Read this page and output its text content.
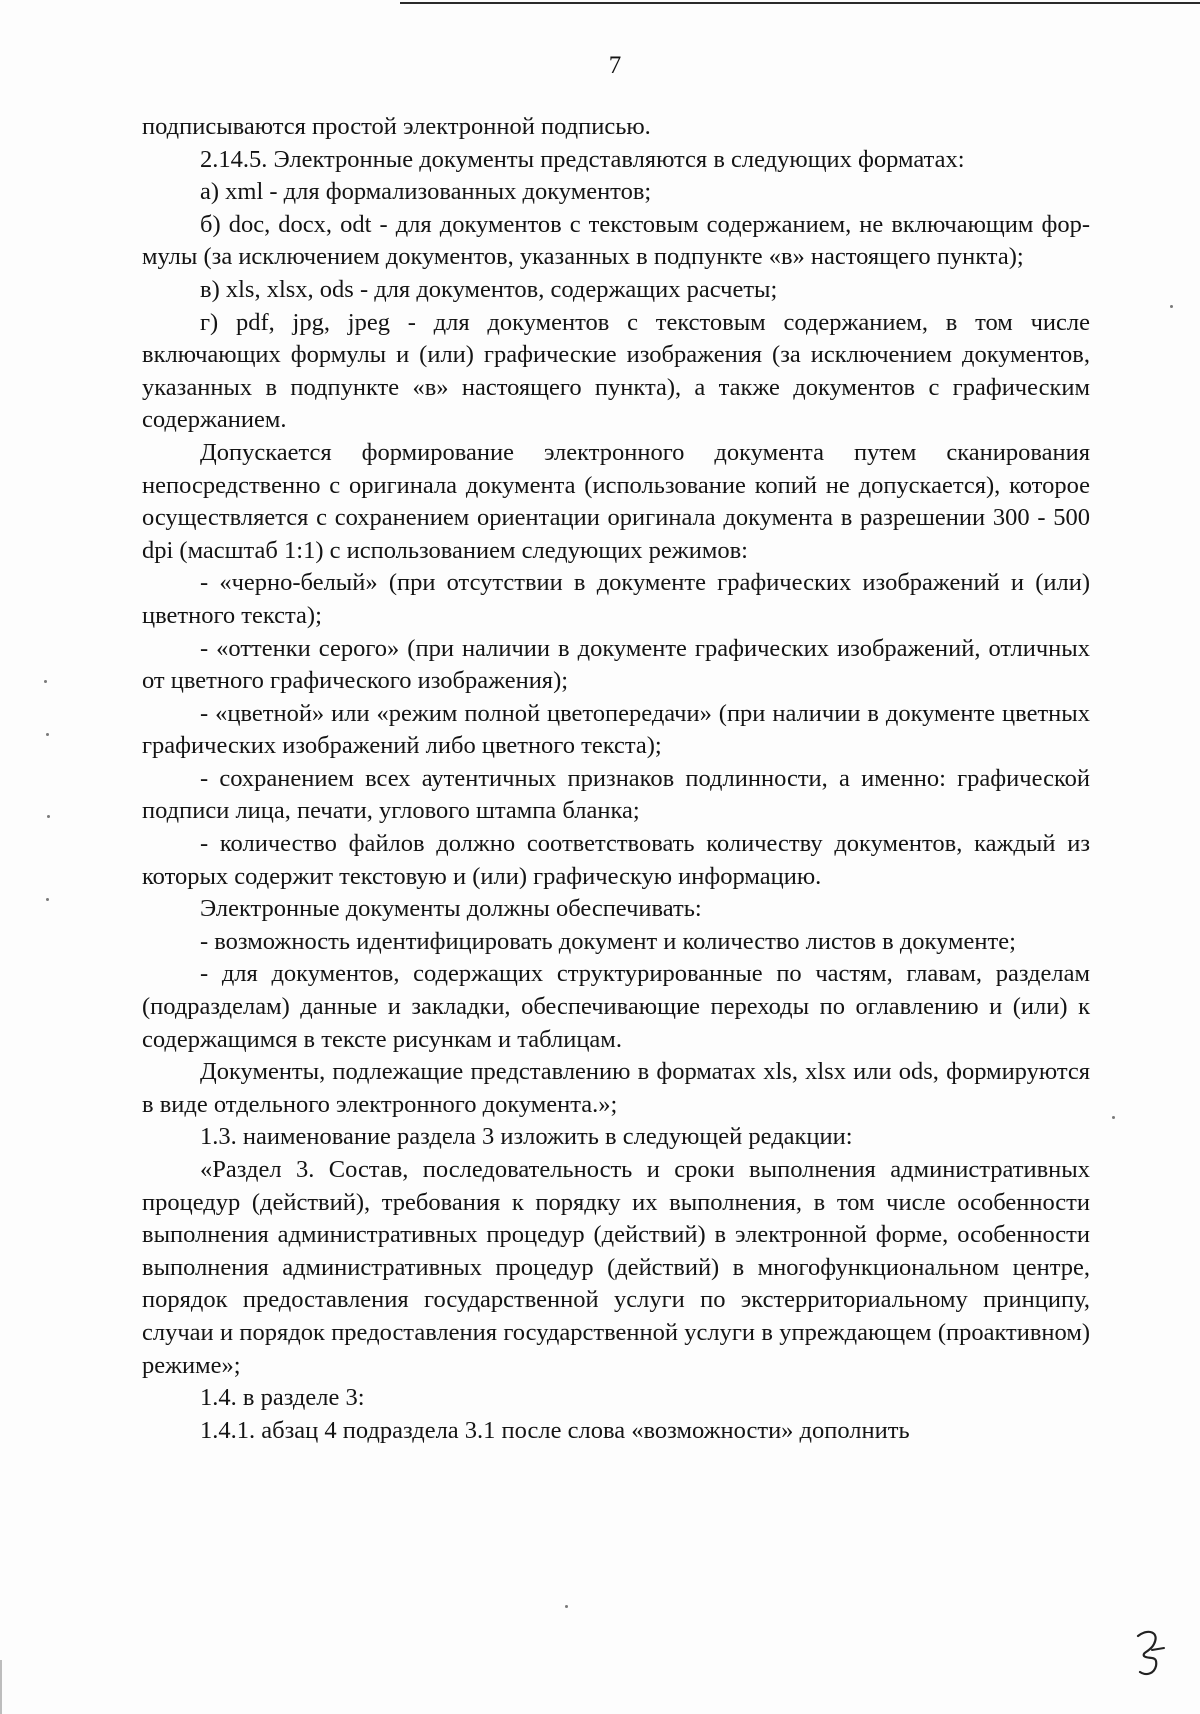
7

подписываются простой электронной подписью.

2.14.5. Электронные документы представляются в следующих форматах:

а) xml - для формализованных документов;

б) doc, docx, odt - для документов с текстовым содержанием, не включающим фор-мулы (за исключением документов, указанных в подпункте «в» настоящего пункта);

в) xls, xlsx, ods - для документов, содержащих расчеты;

г) pdf, jpg, jpeg - для документов с текстовым содержанием, в том числе включающих формулы и (или) графические изображения (за исключением документов, указанных в подпункте «в» настоящего пункта), а также документов с графическим содержанием.

Допускается формирование электронного документа путем сканирования непосредственно с оригинала документа (использование копий не допускается), которое осуществляется с сохранением ориентации оригинала документа в разрешении 300 - 500 dpi (масштаб 1:1) с использованием следующих режимов:

- «черно-белый» (при отсутствии в документе графических изображений и (или) цветного текста);

- «оттенки серого» (при наличии в документе графических изображений, отличных от цветного графического изображения);

- «цветной» или «режим полной цветопередачи» (при наличии в документе цветных графических изображений либо цветного текста);

- сохранением всех аутентичных признаков подлинности, а именно: графической подписи лица, печати, углового штампа бланка;

- количество файлов должно соответствовать количеству документов, каждый из которых содержит текстовую и (или) графическую информацию.

Электронные документы должны обеспечивать:

- возможность идентифицировать документ и количество листов в документе;

- для документов, содержащих структурированные по частям, главам, разделам (подразделам) данные и закладки, обеспечивающие переходы по оглавлению и (или) к содержащимся в тексте рисункам и таблицам.

Документы, подлежащие представлению в форматах xls, xlsx или ods, формируются в виде отдельного электронного документа.»;

1.3. наименование раздела 3 изложить в следующей редакции:

«Раздел 3. Состав, последовательность и сроки выполнения административных процедур (действий), требования к порядку их выполнения, в том числе особенности выполнения административных процедур (действий) в электронной форме, особенности выполнения административных процедур (действий) в многофункциональном центре, порядок предоставления государственной услуги по экстерриториальному принципу, случаи и порядок предоставления государственной услуги в упреждающем (проактивном) режиме»;

1.4. в разделе 3:

1.4.1. абзац 4 подраздела 3.1 после слова «возможности» дополнить
